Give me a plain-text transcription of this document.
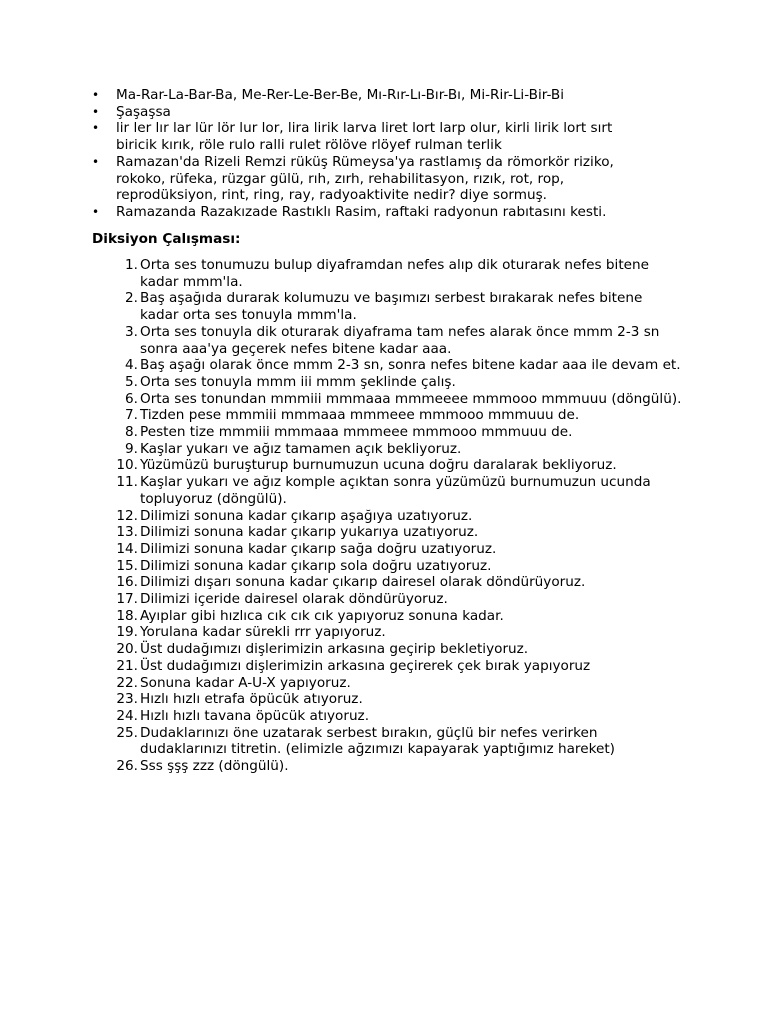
• Ma-Rar-La-Bar-Ba, Me-Rer-Le-Ber-Be, Mı-Rır-Lı-Bır-Bı, Mi-Rir-Li-Bir-Bi
• Şaşaşsa
• lir ler lır lar lür lör lur lor, lira lirik larva liret lort larp olur, kirli lirik lort sırt biricik kırık, röle rulo ralli rulet rölöve rlöyef rulman terlik
• Ramazan'da Rizeli Remzi rüküş Rümeysa'ya rastlamış da römorkör riziko, rokoko, rüfeka, rüzgar gülü, rıh, zırh, rehabilitasyon, rızık, rot, rop, reprodüksiyon, rint, ring, ray, radyoaktivite nedir? diye sormuş.
• Ramazanda Razakızade Rastıklı Rasim, raftaki radyonun rabıtasını kesti.

Diksiyon Çalışması:

1. Orta ses tonumuzu bulup diyaframdan nefes alıp dik oturarak nefes bitene kadar mmm'la.
2. Baş aşağıda durarak kolumuzu ve başımızı serbest bırakarak nefes bitene kadar orta ses tonuyla mmm'la.
3. Orta ses tonuyla dik oturarak diyaframa tam nefes alarak önce mmm 2-3 sn sonra aaa'ya geçerek nefes bitene kadar aaa.
4. Baş aşağı olarak önce mmm 2-3 sn, sonra nefes bitene kadar aaa ile devam et.
5. Orta ses tonuyla mmm iii mmm şeklinde çalış.
6. Orta ses tonundan mmmiii mmmaaa mmmeeee mmmooo mmmuuu (döngülü).
7. Tizden pese mmmiii mmmaaa mmmeee mmmooo mmmuuu de.
8. Pesten tize mmmiii mmmaaa mmmeee mmmooo mmmuuu de.
9. Kaşlar yukarı ve ağız tamamen açık bekliyoruz.
10. Yüzümüzü buruşturup burnumuzun ucuna doğru daralarak bekliyoruz.
11. Kaşlar yukarı ve ağız komple açıktan sonra yüzümüzü burnumuzun ucunda topluyoruz (döngülü).
12. Dilimizi sonuna kadar çıkarıp aşağıya uzatıyoruz.
13. Dilimizi sonuna kadar çıkarıp yukarıya uzatıyoruz.
14. Dilimizi sonuna kadar çıkarıp sağa doğru uzatıyoruz.
15. Dilimizi sonuna kadar çıkarıp sola doğru uzatıyoruz.
16. Dilimizi dışarı sonuna kadar çıkarıp dairesel olarak döndürüyoruz.
17. Dilimizi içeride dairesel olarak döndürüyoruz.
18. Ayıplar gibi hızlıca cık cık cık yapıyoruz sonuna kadar.
19. Yorulana kadar sürekli rrr yapıyoruz.
20. Üst dudağımızı dişlerimizin arkasına geçirip bekletiyoruz.
21. Üst dudağımızı dişlerimizin arkasına geçirerek çek bırak yapıyoruz
22. Sonuna kadar A-U-X yapıyoruz.
23. Hızlı hızlı etrafa öpücük atıyoruz.
24. Hızlı hızlı tavana öpücük atıyoruz.
25. Dudaklarınızı öne uzatarak serbest bırakın, güçlü bir nefes verirken dudaklarınızı titretin. (elimizle ağzımızı kapayarak yaptığımız hareket)
26. Sss şşş zzz (döngülü).
